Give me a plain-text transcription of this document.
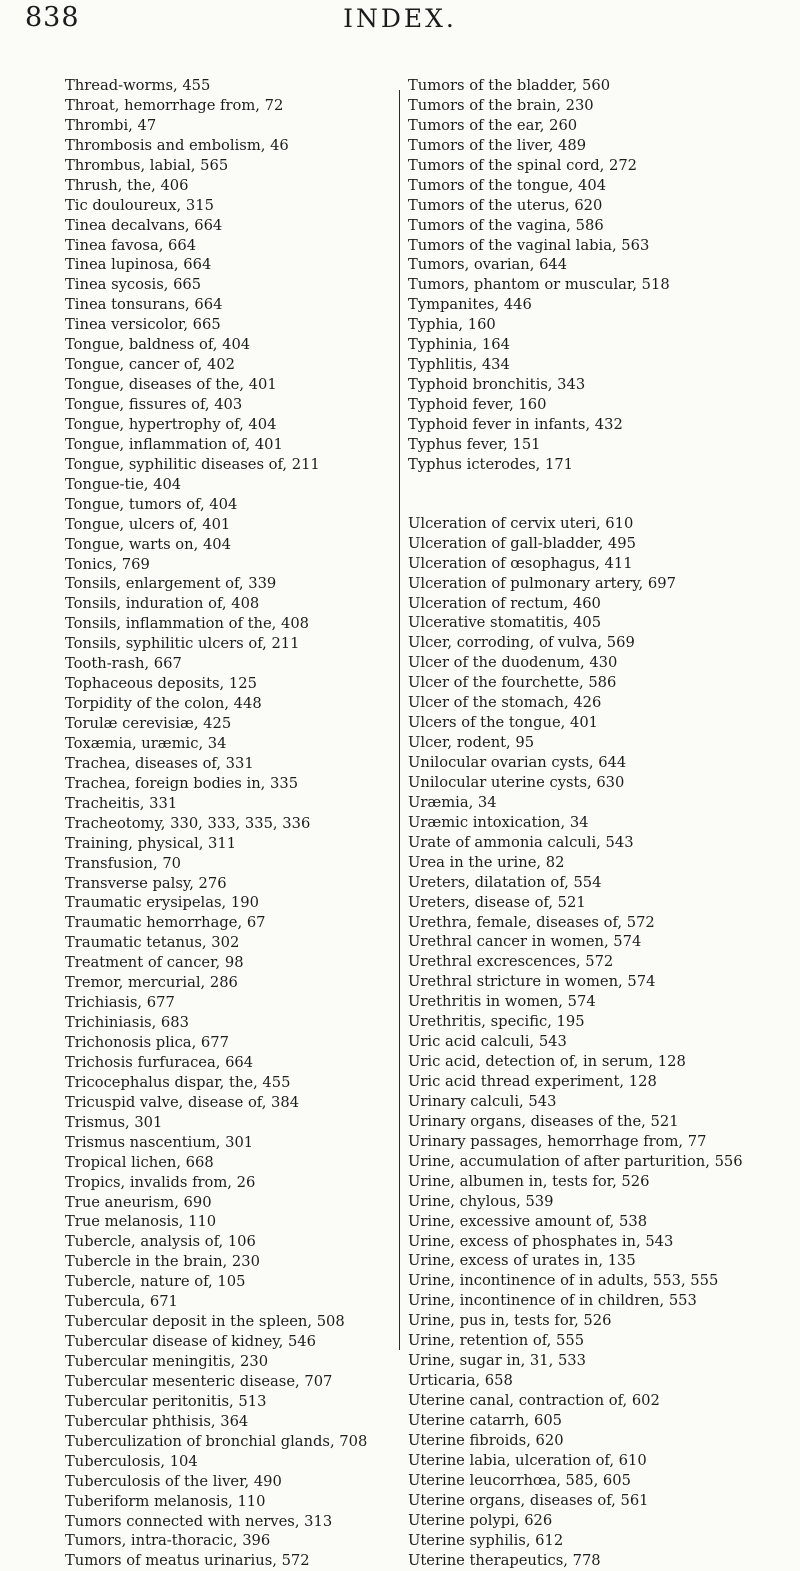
838	INDEX.
Thread-worms, 455
Throat, hemorrhage from, 72
Thrombi, 47
Thrombosis and embolism, 46
Thrombus, labial, 565
Thrush, the, 406
Tic douloureux, 315
Tinea decalvans, 664
Tinea favosa, 664
Tinea lupinosa, 664
Tinea sycosis, 665
Tinea tonsurans, 664
Tinea versicolor, 665
Tongue, baldness of, 404
Tongue, cancer of, 402
Tongue, diseases of the, 401
Tongue, fissures of, 403
Tongue, hypertrophy of, 404
Tongue, inflammation of, 401
Tongue, syphilitic diseases of, 211
Tongue-tie, 404
Tongue, tumors of, 404
Tongue, ulcers of, 401
Tongue, warts on, 404
Tonics, 769
Tonsils, enlargement of, 339
Tonsils, induration of, 408
Tonsils, inflammation of the, 408
Tonsils, syphilitic ulcers of, 211
Tooth-rash, 667
Tophaceous deposits, 125
Torpidity of the colon, 448
Torulæ cerevisiæ, 425
Toxæmia, uræmic, 34
Trachea, diseases of, 331
Trachea, foreign bodies in, 335
Tracheitis, 331
Tracheotomy, 330, 333, 335, 336
Training, physical, 311
Transfusion, 70
Transverse palsy, 276
Traumatic erysipelas, 190
Traumatic hemorrhage, 67
Traumatic tetanus, 302
Treatment of cancer, 98
Tremor, mercurial, 286
Trichiasis, 677
Trichiniasis, 683
Trichonosis plica, 677
Trichosis furfuracea, 664
Tricocephalus dispar, the, 455
Tricuspid valve, disease of, 384
Trismus, 301
Trismus nascentium, 301
Tropical lichen, 668
Tropics, invalids from, 26
True aneurism, 690
True melanosis, 110
Tubercle, analysis of, 106
Tubercle in the brain, 230
Tubercle, nature of, 105
Tubercula, 671
Tubercular deposit in the spleen, 508
Tubercular disease of kidney, 546
Tubercular meningitis, 230
Tubercular mesenteric disease, 707
Tubercular peritonitis, 513
Tubercular phthisis, 364
Tuberculization of bronchial glands, 708
Tuberculosis, 104
Tuberculosis of the liver, 490
Tuberiform melanosis, 110
Tumors connected with nerves, 313
Tumors, intra-thoracic, 396
Tumors of meatus urinarius, 572
Tumors of the bladder, 560
Tumors of the brain, 230
Tumors of the ear, 260
Tumors of the liver, 489
Tumors of the spinal cord, 272
Tumors of the tongue, 404
Tumors of the uterus, 620
Tumors of the vagina, 586
Tumors of the vaginal labia, 563
Tumors, ovarian, 644
Tumors, phantom or muscular, 518
Tympanites, 446
Typhia, 160
Typhinia, 164
Typhlitis, 434
Typhoid bronchitis, 343
Typhoid fever, 160
Typhoid fever in infants, 432
Typhus fever, 151
Typhus icterodes, 171
Ulceration of cervix uteri, 610
Ulceration of gall-bladder, 495
Ulceration of œsophagus, 411
Ulceration of pulmonary artery, 697
Ulceration of rectum, 460
Ulcerative stomatitis, 405
Ulcer, corroding, of vulva, 569
Ulcer of the duodenum, 430
Ulcer of the fourchette, 586
Ulcer of the stomach, 426
Ulcers of the tongue, 401
Ulcer, rodent, 95
Unilocular ovarian cysts, 644
Unilocular uterine cysts, 630
Uræmia, 34
Uræmic intoxication, 34
Urate of ammonia calculi, 543
Urea in the urine, 82
Ureters, dilatation of, 554
Ureters, disease of, 521
Urethra, female, diseases of, 572
Urethral cancer in women, 574
Urethral excrescences, 572
Urethral stricture in women, 574
Urethritis in women, 574
Urethritis, specific, 195
Uric acid calculi, 543
Uric acid, detection of, in serum, 128
Uric acid thread experiment, 128
Urinary calculi, 543
Urinary organs, diseases of the, 521
Urinary passages, hemorrhage from, 77
Urine, accumulation of after parturition, 556
Urine, albumen in, tests for, 526
Urine, chylous, 539
Urine, excessive amount of, 538
Urine, excess of phosphates in, 543
Urine, excess of urates in, 135
Urine, incontinence of in adults, 553, 555
Urine, incontinence of in children, 553
Urine, pus in, tests for, 526
Urine, retention of, 555
Urine, sugar in, 31, 533
Urticaria, 658
Uterine canal, contraction of, 602
Uterine catarrh, 605
Uterine fibroids, 620
Uterine labia, ulceration of, 610
Uterine leucorrhœa, 585, 605
Uterine organs, diseases of, 561
Uterine polypi, 626
Uterine syphilis, 612
Uterine therapeutics, 778
